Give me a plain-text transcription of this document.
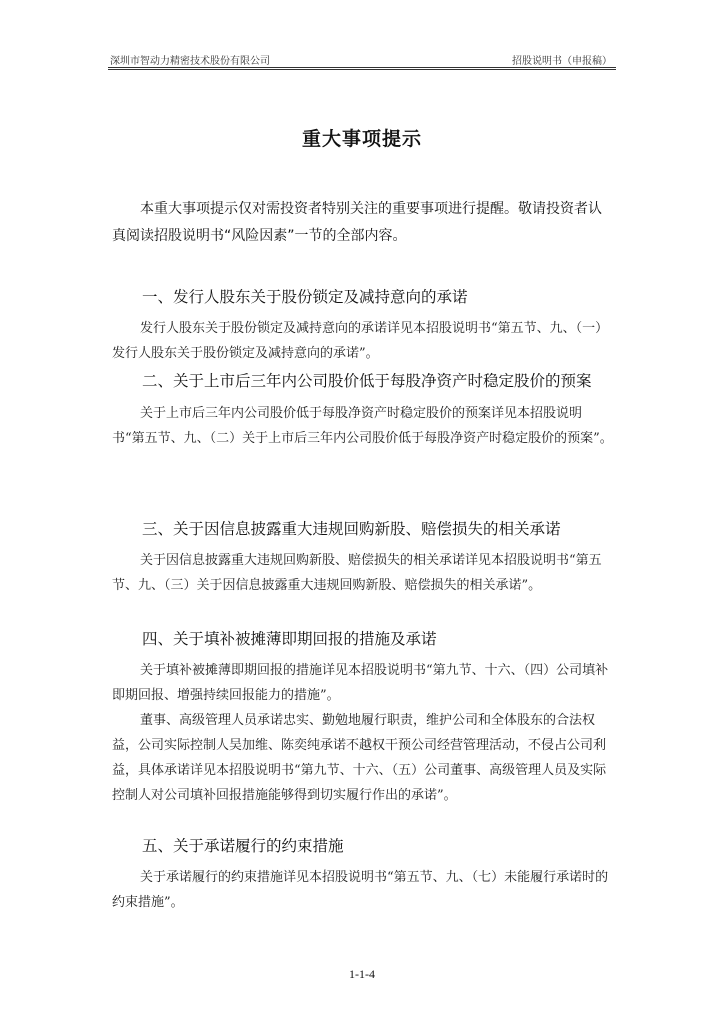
深圳市智动力精密技术股份有限公司	招股说明书（申报稿）
重大事项提示

本重大事项提示仅对需投资者特别关注的重要事项进行提醒。敬请投资者认真阅读招股说明书“风险因素”一节的全部内容。

一、发行人股东关于股份锁定及减持意向的承诺

发行人股东关于股份锁定及减持意向的承诺详见本招股说明书“第五节、九、（一）发行人股东关于股份锁定及减持意向的承诺”。

二、关于上市后三年内公司股价低于每股净资产时稳定股价的预案

关于上市后三年内公司股价低于每股净资产时稳定股价的预案详见本招股说明书“第五节、九、（二）关于上市后三年内公司股价低于每股净资产时稳定股价的预案”。

三、关于因信息披露重大违规回购新股、赔偿损失的相关承诺

关于因信息披露重大违规回购新股、赔偿损失的相关承诺详见本招股说明书“第五节、九、（三）关于因信息披露重大违规回购新股、赔偿损失的相关承诺”。

四、关于填补被摊薄即期回报的措施及承诺

关于填补被摊薄即期回报的措施详见本招股说明书“第九节、十六、（四）公司填补即期回报、增强持续回报能力的措施”。

董事、高级管理人员承诺忠实、勤勉地履行职责，维护公司和全体股东的合法权益，公司实际控制人吴加维、陈奕纯承诺不越权干预公司经营管理活动，不侵占公司利益，具体承诺详见本招股说明书“第九节、十六、（五）公司董事、高级管理人员及实际控制人对公司填补回报措施能够得到切实履行作出的承诺”。

五、关于承诺履行的约束措施

关于承诺履行的约束措施详见本招股说明书“第五节、九、（七）未能履行承诺时的约束措施”。

1-1-4
